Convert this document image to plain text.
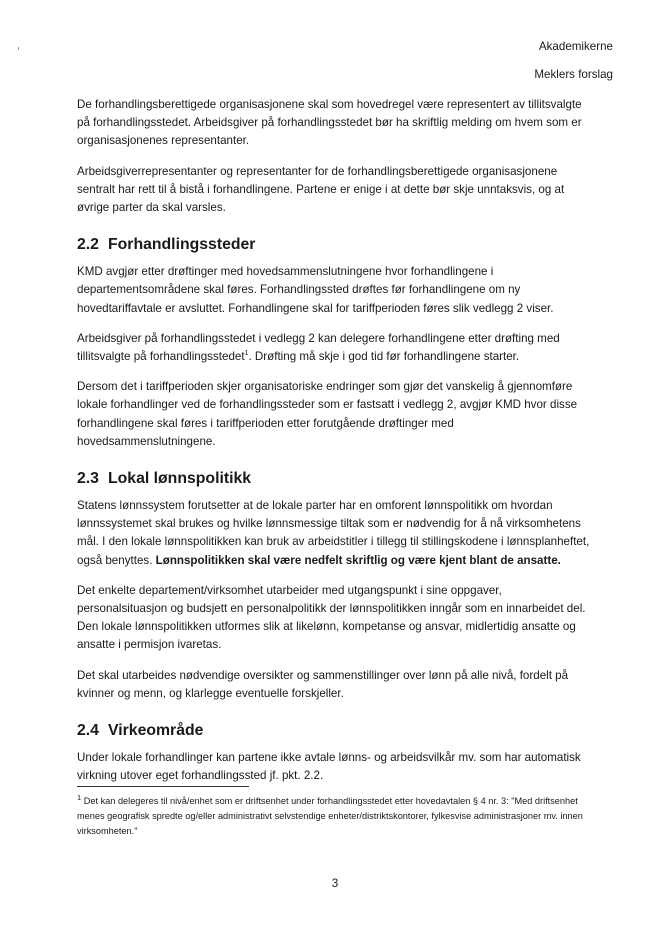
Akademikerne
Meklers forslag

De forhandlingsberettigede organisasjonene skal som hovedregel være representert av tillitsvalgte på forhandlingsstedet. Arbeidsgiver på forhandlingsstedet bør ha skriftlig melding om hvem som er organisasjonenes representanter.

Arbeidsgiverrepresentanter og representanter for de forhandlingsberettigede organisasjonene sentralt har rett til å bistå i forhandlingene. Partene er enige i at dette bør skje unntaksvis, og at øvrige parter da skal varsles.

2.2 Forhandlingssteder

KMD avgjør etter drøftinger med hovedsammenslutningene hvor forhandlingene i departementsområdene skal føres. Forhandlingssted drøftes før forhandlingene om ny hovedtariffavtale er avsluttet. Forhandlingene skal for tariffperioden føres slik vedlegg 2 viser.

Arbeidsgiver på forhandlingsstedet i vedlegg 2 kan delegere forhandlingene etter drøfting med tillitsvalgte på forhandlingsstedet$^1$. Drøfting må skje i god tid før forhandlingene starter.

Dersom det i tariffperioden skjer organisatoriske endringer som gjør det vanskelig å gjennomføre lokale forhandlinger ved de forhandlingssteder som er fastsatt i vedlegg 2, avgjør KMD hvor disse forhandlingene skal føres i tariffperioden etter forutgående drøftinger med hovedsammenslutningene.

2.3 Lokal lønnspolitikk

Statens lønnssystem forutsetter at de lokale parter har en omforent lønnspolitikk om hvordan lønnssystemet skal brukes og hvilke lønnsmessige tiltak som er nødvendig for å nå virksomhetens mål. I den lokale lønnspolitikken kan bruk av arbeidstitler i tillegg til stillingskodene i lønnsplanheftet, også benyttes. Lønnspolitikken skal være nedfelt skriftlig og være kjent blant de ansatte.

Det enkelte departement/virksomhet utarbeider med utgangspunkt i sine oppgaver, personalsituasjon og budsjett en personalpolitikk der lønnspolitikken inngår som en innarbeidet del. Den lokale lønnspolitikken utformes slik at likelønn, kompetanse og ansvar, midlertidig ansatte og ansatte i permisjon ivaretas.

Det skal utarbeides nødvendige oversikter og sammenstillinger over lønn på alle nivå, fordelt på kvinner og menn, og klarlegge eventuelle forskjeller.

2.4 Virkeområde

Under lokale forhandlinger kan partene ikke avtale lønns- og arbeidsvilkår mv. som har automatisk virkning utover eget forhandlingssted jf. pkt. 2.2.

$^1$ Det kan delegeres til nivå/enhet som er driftsenhet under forhandlingsstedet etter hovedavtalen § 4 nr. 3: "Med driftsenhet menes geografisk spredte og/eller administrativt selvstendige enheter/distriktskontorer, fylkesvise administrasjoner mv. innen virksomheten."
3
